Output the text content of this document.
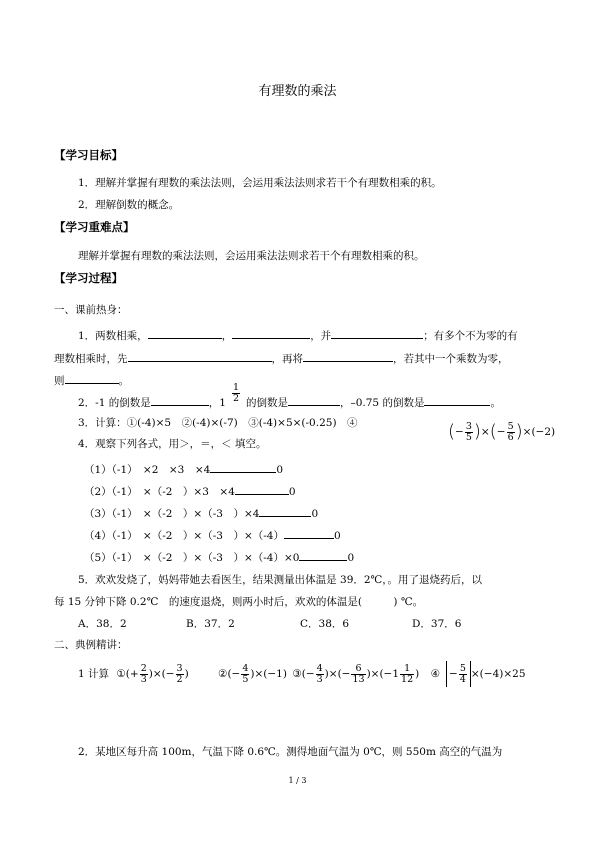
有理数的乘法
【学习目标】
1．理解并掌握有理数的乘法法则，会运用乘法法则求若干个有理数相乘的积。
2．理解倒数的概念。
【学习重难点】
理解并掌握有理数的乘法法则，会运用乘法法则求若干个有理数相乘的积。
【学习过程】
一、课前热身：
1．两数相乘，	，	，并	；有多个不为零的有
理数相乘时，先	，再将	，若其中一个乘数为零，
则	。
2．-1 的倒数是	，$1 \frac{1}{2}$ 的倒数是	，–0.75 的倒数是	。
3．计算：①(-4)×5　②(-4)×(-7)　③(-4)×5×(-0.25)　④	(− $\frac{3}{5}$ )×(− $\frac{5}{6} )\times(-2)$
4．观察下列各式，用＞，＝，＜ 填空。
（1）（-1）　×2　×3　×4	0
（2）（-1）　×（-2　）×3　×4	0
（3）（-1）　×（-2　）×（-3　）×4	0
（4）（-1）　×（-2　）×（-3　）×（-4）	0
（5）（-1）　×（-2　）×（-3　）×（-4）×0	0
5．欢欢发烧了，妈妈带她去看医生，结果测量出体温是 39．2℃，。用了退烧药后，以
每 15 分钟下降 0.2℃　的速度退烧，则两小时后，欢欢的体温是(　　　) ℃。
A．38．2	B．37．2	C．38．6	D．37．6
二、典例精讲：
1 计算 ①(+ $\frac{2}{3}$ )×(− $\frac{3}{2}$ )	②(− $\frac{4}{5} )\times(-1)$ ③(− $\frac{4}{3}$ )×(− $\frac{6}{13} )\times(-1 \frac{1}{12}$ ) ④ − $\frac{5}{4} \times(-4)\times 25$
2．某地区每升高 100m，气温下降 0.6℃。测得地面气温为 0℃，则 550m 高空的气温为
1 / 3
